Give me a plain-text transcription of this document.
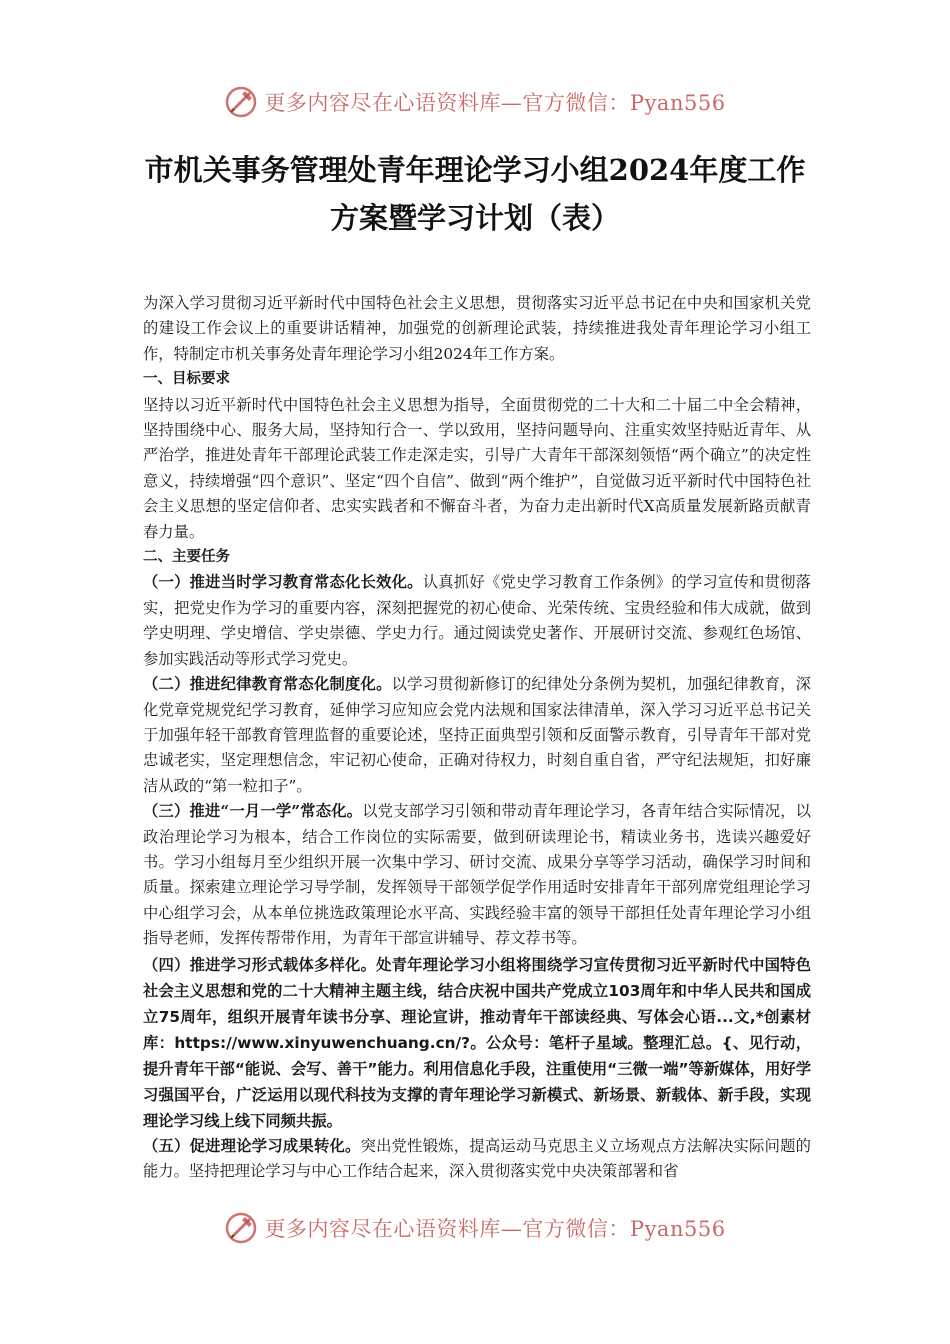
更多内容尽在心语资料库—官方微信：Pyan556
市机关事务管理处青年理论学习小组2024年度工作
方案暨学习计划（表）

为深入学习贯彻习近平新时代中国特色社会主义思想，贯彻落实习近平总书记在中央和国家机关党的建设工作会议上的重要讲话精神，加强党的创新理论武装，持续推进我处青年理论学习小组工作，特制定市机关事务处青年理论学习小组2024年工作方案。

一、目标要求

坚持以习近平新时代中国特色社会主义思想为指导，全面贯彻党的二十大和二十届二中全会精神，坚持围绕中心、服务大局，坚持知行合一、学以致用，坚持问题导向、注重实效坚持贴近青年、从严治学，推进处青年干部理论武装工作走深走实，引导广大青年干部深刻领悟“两个确立”的决定性意义，持续增强“四个意识”、坚定“四个自信”、做到“两个维护”，自觉做习近平新时代中国特色社会主义思想的坚定信仰者、忠实实践者和不懈奋斗者，为奋力走出新时代X高质量发展新路贡献青春力量。

二、主要任务

（一）推进当时学习教育常态化长效化。认真抓好《党史学习教育工作条例》的学习宣传和贯彻落实，把党史作为学习的重要内容，深刻把握党的初心使命、光荣传统、宝贵经验和伟大成就，做到学史明理、学史增信、学史崇德、学史力行。通过阅读党史著作、开展研讨交流、参观红色场馆、参加实践活动等形式学习党史。

（二）推进纪律教育常态化制度化。以学习贯彻新修订的纪律处分条例为契机，加强纪律教育，深化党章党规党纪学习教育，延伸学习应知应会党内法规和国家法律清单，深入学习习近平总书记关于加强年轻干部教育管理监督的重要论述，坚持正面典型引领和反面警示教育，引导青年干部对党忠诚老实，坚定理想信念，牢记初心使命，正确对待权力，时刻自重自省，严守纪法规矩，扣好廉洁从政的“第一粒扣子”。

（三）推进“一月一学”常态化。以党支部学习引领和带动青年理论学习，各青年结合实际情况，以政治理论学习为根本，结合工作岗位的实际需要，做到研读理论书，精读业务书，选读兴趣爱好书。学习小组每月至少组织开展一次集中学习、研讨交流、成果分享等学习活动，确保学习时间和质量。探索建立理论学习导学制，发挥领导干部领学促学作用适时安排青年干部列席党组理论学习中心组学习会，从本单位挑选政策理论水平高、实践经验丰富的领导干部担任处青年理论学习小组指导老师，发挥传帮带作用，为青年干部宣讲辅导、荐文荐书等。

（四）推进学习形式载体多样化。处青年理论学习小组将围绕学习宣传贯彻习近平新时代中国特色社会主义思想和党的二十大精神主题主线，结合庆祝中国共产党成立103周年和中华人民共和国成立75周年，组织开展青年读书分享、理论宣讲，推动青年干部读经典、写体会心语...文,*创素材库：https://www.xinyuwenchuang.cn/?。公众号：笔杆子星域。整理汇总。{、见行动，提升青年干部“能说、会写、善干”能力。利用信息化手段，注重使用“三微一端”等新媒体，用好学习强国平台，广泛运用以现代科技为支撑的青年理论学习新模式、新场景、新载体、新手段，实现理论学习线上线下同频共振。

（五）促进理论学习成果转化。突出党性锻炼，提高运动马克思主义立场观点方法解决实际问题的能力。坚持把理论学习与中心工作结合起来，深入贯彻落实党中央决策部署和省

更多内容尽在心语资料库—官方微信：Pyan556
